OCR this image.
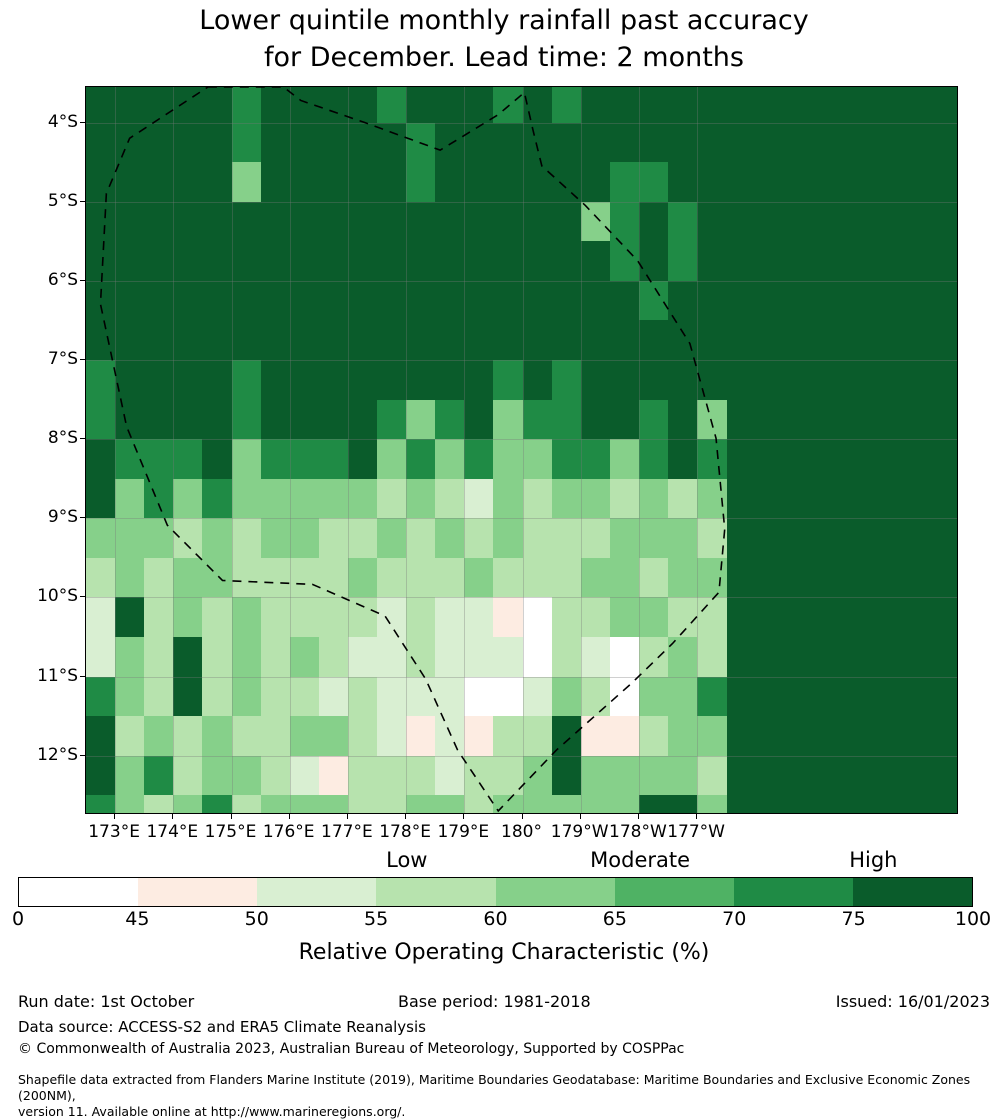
Lower quintile monthly rainfall past accuracy
for December. Lead time: 2 months
4°S
5°S
6°S
7°S
8°S
9°S
10°S
11°S
12°S
173°E 174°E 175°E 176°E 177°E 178°E 179°E 180° 179°W 178°W 177°W
Low	Moderate	High
0	45	50	55	60	65	70	75	100
Relative Operating Characteristic (%)
Run date: 1st October	Base period: 1981-2018	Issued: 16/01/2023
Data source: ACCESS-S2 and ERA5 Climate Reanalysis
© Commonwealth of Australia 2023, Australian Bureau of Meteorology, Supported by COSPPac
Shapefile data extracted from Flanders Marine Institute (2019), Maritime Boundaries Geodatabase: Maritime Boundaries and Exclusive Economic Zones (200NM),
version 11. Available online at http://www.marineregions.org/.
